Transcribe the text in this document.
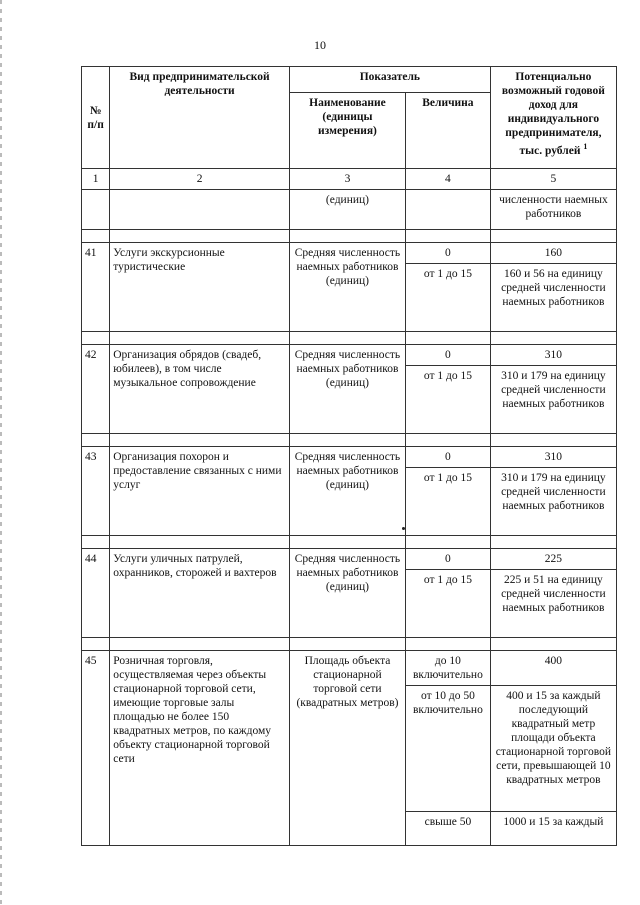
10
№ п/п	Вид предпринимательской деятельности	Показатель		Потенциально возможный годовой доход для индивидуального предпринимателя, тыс. рублей $^1$
		Наименование (единицы измерения)	Величина	
1	2	3	4	5
		(единиц)		численности наемных работников

41	Услуги экскурсионные туристические	Средняя численность наемных работников (единиц)	0	160
			от 1 до 15	160 и 56 на единицу средней численности наемных работников

42	Организация обрядов (свадеб, юбилеев), в том числе музыкальное сопровождение	Средняя численность наемных работников (единиц)	0	310
			от 1 до 15	310 и 179 на единицу средней численности наемных работников

43	Организация похорон и предоставление связанных с ними услуг	Средняя численность наемных работников (единиц)	0	310
			от 1 до 15	310 и 179 на единицу средней численности наемных работников

44	Услуги уличных патрулей, охранников, сторожей и вахтеров	Средняя численность наемных работников (единиц)	0	225
			от 1 до 15	225 и 51 на единицу средней численности наемных работников

45	Розничная торговля, осуществляемая через объекты стационарной торговой сети, имеющие торговые залы площадью не более 150 квадратных метров, по каждому объекту стационарной торговой сети	Площадь объекта стационарной торговой сети (квадратных метров)	до 10 включительно	400
			от 10 до 50 включительно	400 и 15 за каждый последующий квадратный метр площади объекта стационарной торговой сети, превышающей 10 квадратных метров
			свыше 50	1000 и 15 за каждый
